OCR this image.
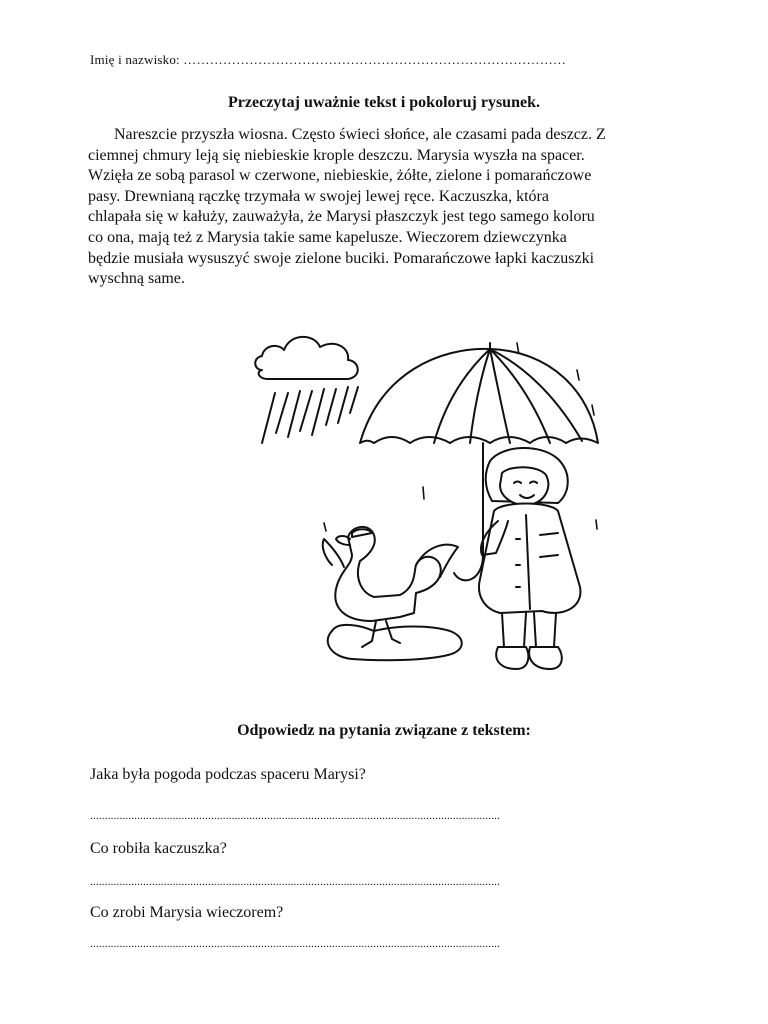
Imię i nazwisko: ……………………………………………………………………………
Przeczytaj uważnie tekst i pokoloruj rysunek.

Nareszcie przyszła wiosna. Często świeci słońce, ale czasami pada deszcz. Z
ciemnej chmury leją się niebieskie krople deszczu. Marysia wyszła na spacer.
Wzięła ze sobą parasol w czerwone, niebieskie, żółte, zielone i pomarańczowe
pasy. Drewnianą rączkę trzymała w swojej lewej ręce. Kaczuszka, która
chlapała się w kałuży, zauważyła, że Marysi płaszczyk jest tego samego koloru
co ona, mają też z Marysia takie same kapelusze. Wieczorem dziewczynka
będzie musiała wysuszyć swoje zielone buciki. Pomarańczowe łapki kaczuszki
wyschną same.

Odpowiedz na pytania związane z tekstem:
Jaka była pogoda podczas spaceru Marysi?
...........................................................................................................................................
Co robiła kaczuszka?
...........................................................................................................................................
Co zrobi Marysia wieczorem?
...........................................................................................................................................
